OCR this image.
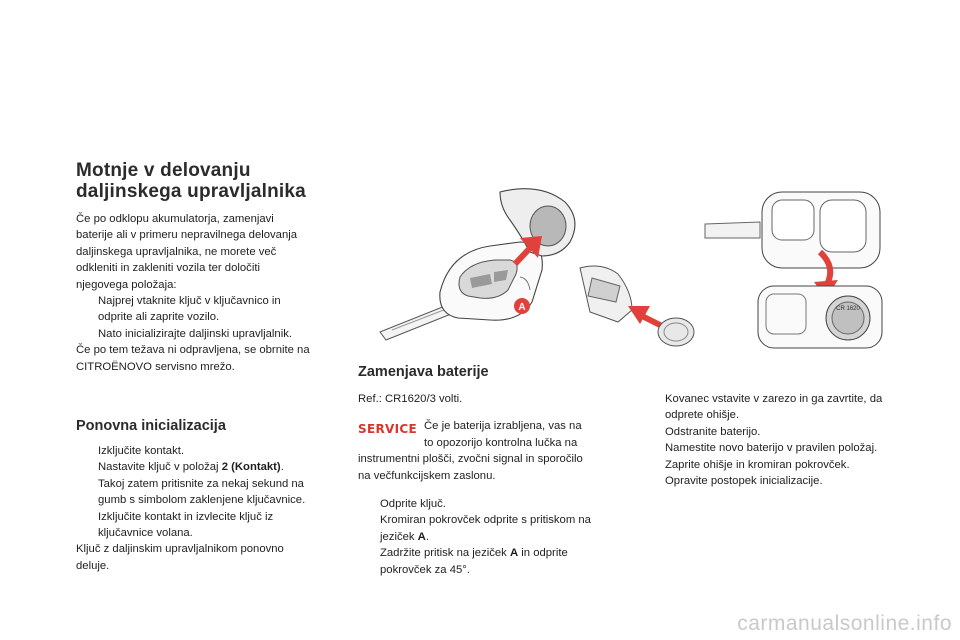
Motnje v delovanju
daljinskega upravljalnika
Če po odklopu akumulatorja, zamenjavi
baterije ali v primeru nepravilnega delovanja
daljinskega upravljalnika, ne morete več
odkleniti in zakleniti vozila ter določiti
njegovega položaja:
Najprej vtaknite ključ v ključavnico in
odprite ali zaprite vozilo.
Nato inicializirajte daljinski upravljalnik.
Če po tem težava ni odpravljena, se obrnite na
CITROËNOVO servisno mrežo.
Ponovna inicializacija
Izključite kontakt.
Nastavite ključ v položaj 2 (Kontakt).
Takoj zatem pritisnite za nekaj sekund na
gumb s simbolom zaklenjene ključavnice.
Izključite kontakt in izvlecite ključ iz
ključavnice volana.
Ključ z daljinskim upravljalnikom ponovno
deluje.
Zamenjava baterije
Ref.: CR1620/3 volti.
SERVICE Če je baterija izrabljena, vas na
to opozorijo kontrolna lučka na
instrumentni plošči, zvočni signal in sporočilo
na večfunkcijskem zaslonu.
Odprite ključ.
Kromiran pokrovček odprite s pritiskom na
jeziček A.
Zadržite pritisk na jeziček A in odprite
pokrovček za 45°.
Kovanec vstavite v zarezo in ga zavrtite, da
odprete ohišje.
Odstranite baterijo.
Namestite novo baterijo v pravilen položaj.
Zaprite ohišje in kromiran pokrovček.
Opravite postopek inicializacije.
A	CR 1620
carmanualsonline.info
